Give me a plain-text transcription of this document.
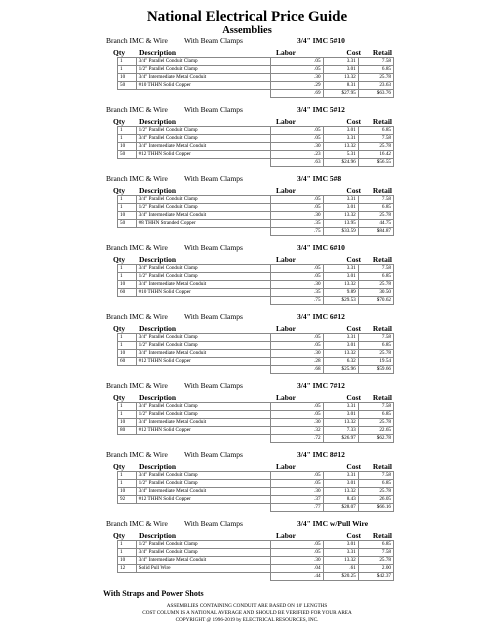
National Electrical Price Guide
Assemblies
Branch IMC & Wire With Beam Clamps	3/4" IMC 5#10
Qty Description	Labor	Cost	Retail
1	3/4" Parallel Conduit Clamp	.05	3.31	7.58
1	1/2" Parallel Conduit Clamp	.05	3.01	6.85
10	3/4" Intermediate Metal Conduit	.30	13.32	25.78
50	#10 THHN Solid Copper	.29	8.31	23.63
		.69	$27.95	$63.76
Branch IMC & Wire With Beam Clamps	3/4" IMC 5#12
Qty Description	Labor	Cost	Retail
1	1/2" Parallel Conduit Clamp	.05	3.01	6.85
1	3/4" Parallel Conduit Clamp	.05	3.31	7.58
10	3/4" Intermediate Metal Conduit	.30	13.32	25.78
50	#12 THHN Solid Copper	.23	5.31	16.42
		.63	$24.96	$56.55
Branch IMC & Wire With Beam Clamps	3/4" IMC 5#8
Qty Description	Labor	Cost	Retail
1	3/4" Parallel Conduit Clamp	.05	3.31	7.58
1	1/2" Parallel Conduit Clamp	.05	3.01	6.85
10	3/4" Intermediate Metal Conduit	.30	13.32	25.78
50	#8 THHN Stranded Copper	.35	13.95	44.75
		.75	$33.59	$84.87
Branch IMC & Wire With Beam Clamps	3/4" IMC 6#10
Qty Description	Labor	Cost	Retail
1	3/4" Parallel Conduit Clamp	.05	3.31	7.58
1	1/2" Parallel Conduit Clamp	.05	3.01	6.85
10	3/4" Intermediate Metal Conduit	.30	13.32	25.78
60	#10 THHN Solid Copper	.35	9.89	30.50
		.75	$29.53	$70.62
Branch IMC & Wire With Beam Clamps	3/4" IMC 6#12
Qty Description	Labor	Cost	Retail
1	3/4" Parallel Conduit Clamp	.05	3.31	7.58
1	1/2" Parallel Conduit Clamp	.05	3.01	6.85
10	3/4" Intermediate Metal Conduit	.30	13.32	25.78
60	#12 THHN Solid Copper	.28	6.32	19.54
		.68	$25.96	$59.66
Branch IMC & Wire With Beam Clamps	3/4" IMC 7#12
Qty Description	Labor	Cost	Retail
1	3/4" Parallel Conduit Clamp	.05	3.31	7.58
1	1/2" Parallel Conduit Clamp	.05	3.01	6.85
10	3/4" Intermediate Metal Conduit	.30	13.32	25.78
80	#12 THHN Solid Copper	.32	7.33	22.65
		.72	$26.97	$62.78
Branch IMC & Wire With Beam Clamps	3/4" IMC 8#12
Qty Description	Labor	Cost	Retail
1	3/4" Parallel Conduit Clamp	.05	3.31	7.58
1	1/2" Parallel Conduit Clamp	.05	3.01	6.85
10	3/4" Intermediate Metal Conduit	.30	13.32	25.78
92	#12 THHN Solid Copper	.37	8.43	26.05
		.77	$28.07	$66.16
Branch IMC & Wire With Beam Clamps	3/4" IMC w/Pull Wire
Qty Description	Labor	Cost	Retail
1	1/2" Parallel Conduit Clamp	.05	3.01	6.85
1	3/4" Parallel Conduit Clamp	.05	3.31	7.58
10	3/4" Intermediate Metal Conduit	.30	13.32	25.78
12	Solid Pull Wire	.04	.61	2.00
		.44	$20.25	$42.37
With Straps and Power Shots
ASSEMBLIES CONTAINING CONDUIT ARE BASED ON 10' LENGTHS
COST COLUMN IS A NATIONAL AVERAGE AND SHOULD BE VERIFIED FOR YOUR AREA
COPYRIGHT @ 1996-2019 by ELECTRICAL RESOURCES, INC.
